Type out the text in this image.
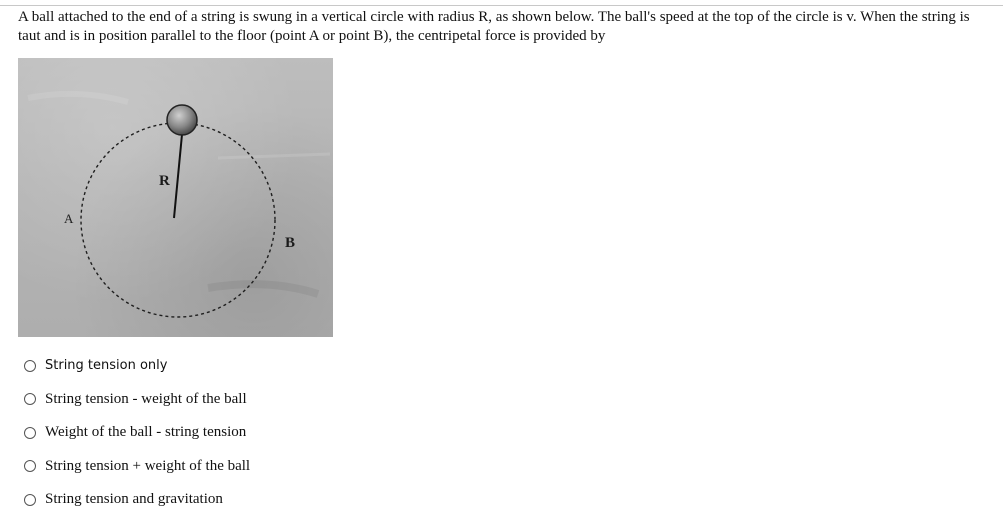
A ball attached to the end of a string is swung in a vertical circle with radius R, as shown below. The ball's speed at the top of the circle is v. When the string is taut and is in position parallel to the floor (point A or point B), the centripetal force is provided by

R
A
B
String tension only
String tension - weight of the ball
Weight of the ball - string tension
String tension + weight of the ball
String tension and gravitation
